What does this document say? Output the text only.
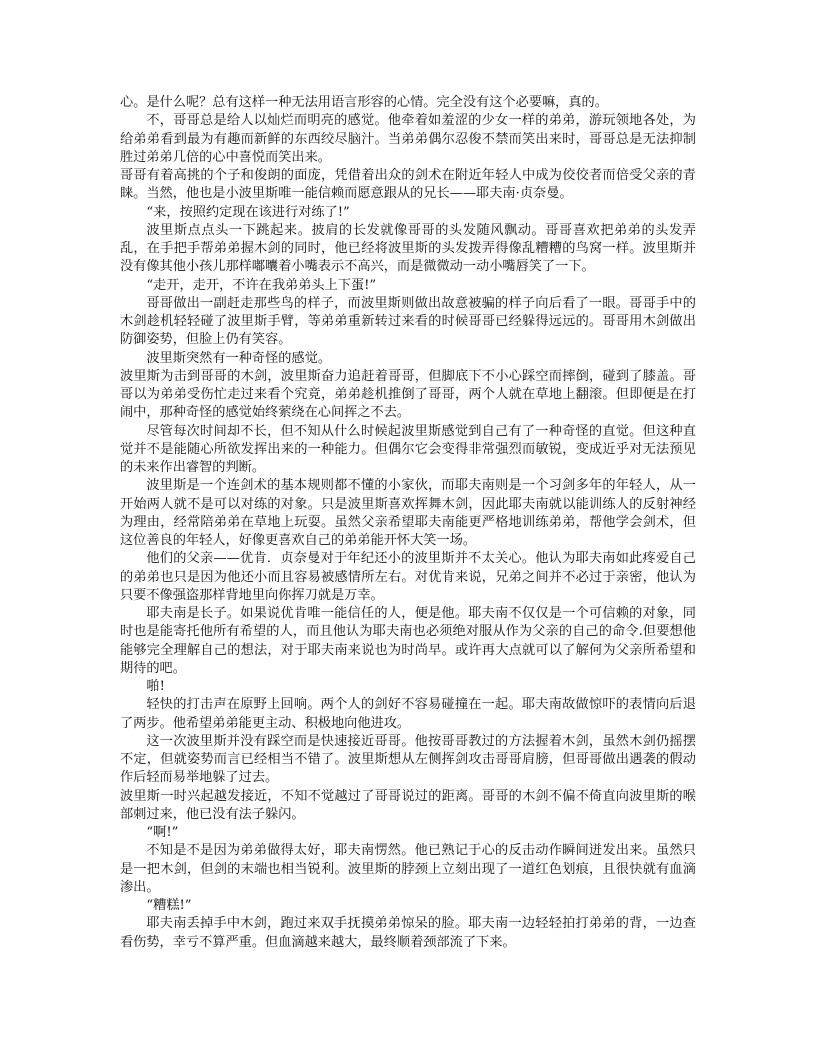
心。是什么呢？总有这样一种无法用语言形容的心情。完全没有这个必要嘛，真的。

不，哥哥总是给人以灿烂而明亮的感觉。他牵着如羞涩的少女一样的弟弟，游玩领地各处，为给弟弟看到最为有趣而新鲜的东西绞尽脑汁。当弟弟偶尔忍俊不禁而笑出来时，哥哥总是无法抑制胜过弟弟几倍的心中喜悦而笑出来。

哥哥有着高挑的个子和俊朗的面庞，凭借着出众的剑术在附近年轻人中成为佼佼者而倍受父亲的青睐。当然，他也是小波里斯唯一能信赖而愿意跟从的兄长——耶夫南·贞奈曼。

“来，按照约定现在该进行对练了!”

波里斯点点头一下跳起来。披肩的长发就像哥哥的头发随风飘动。哥哥喜欢把弟弟的头发弄乱，在手把手帮弟弟握木剑的同时，他已经将波里斯的头发拨弄得像乱糟糟的鸟窝一样。波里斯并没有像其他小孩儿那样嘟囔着小嘴表示不高兴，而是微微动一动小嘴唇笑了一下。

“走开，走开，不许在我弟弟头上下蛋!”

哥哥做出一副赶走那些鸟的样子，而波里斯则做出故意被骗的样子向后看了一眼。哥哥手中的木剑趁机轻轻碰了波里斯手臂，等弟弟重新转过来看的时候哥哥已经躲得远远的。哥哥用木剑做出防御姿势，但脸上仍有笑容。

波里斯突然有一种奇怪的感觉。

波里斯为击到哥哥的木剑，波里斯奋力追赶着哥哥，但脚底下不小心踩空而摔倒，碰到了膝盖。哥哥以为弟弟受伤忙走过来看个究竟，弟弟趁机推倒了哥哥，两个人就在草地上翻滚。但即便是在打闹中，那种奇怪的感觉始终萦绕在心间挥之不去。

尽管每次时间却不长，但不知从什么时候起波里斯感觉到自己有了一种奇怪的直觉。但这种直觉并不是能随心所欲发挥出来的一种能力。但偶尔它会变得非常强烈而敏锐，变成近乎对无法预见的未来作出睿智的判断。

波里斯是一个连剑术的基本规则都不懂的小家伙，而耶夫南则是一个习剑多年的年轻人，从一开始两人就不是可以对练的对象。只是波里斯喜欢挥舞木剑，因此耶夫南就以能训练人的反射神经为理由，经常陪弟弟在草地上玩耍。虽然父亲希望耶夫南能更严格地训练弟弟，帮他学会剑术，但这位善良的年轻人，好像更喜欢自己的弟弟能开怀大笑一场。

他们的父亲——优肯．贞奈曼对于年纪还小的波里斯并不太关心。他认为耶夫南如此疼爱自己的弟弟也只是因为他还小而且容易被感情所左右。对优肯来说，兄弟之间并不必过于亲密，他认为只要不像强盗那样背地里向你挥刀就是万幸。

耶夫南是长子。如果说优肯唯一能信任的人，便是他。耶夫南不仅仅是一个可信赖的对象，同时也是能寄托他所有希望的人，而且他认为耶夫南也必须绝对服从作为父亲的自己的命令.但要想他能够完全理解自己的想法，对于耶夫南来说也为时尚早。或许再大点就可以了解何为父亲所希望和期待的吧。

啪!

轻快的打击声在原野上回响。两个人的剑好不容易碰撞在一起。耶夫南故做惊吓的表情向后退了两步。他希望弟弟能更主动、积极地向他进攻。

这一次波里斯并没有踩空而是快速接近哥哥。他按哥哥教过的方法握着木剑，虽然木剑仍摇摆不定，但就姿势而言已经相当不错了。波里斯想从左侧挥剑攻击哥哥肩膀，但哥哥做出遇袭的假动作后轻而易举地躲了过去。

波里斯一时兴起越发接近，不知不觉越过了哥哥说过的距离。哥哥的木剑不偏不倚直向波里斯的喉部刺过来，他已没有法子躲闪。

“啊!”

不知是不是因为弟弟做得太好，耶夫南愣然。他已熟记于心的反击动作瞬间迸发出来。虽然只是一把木剑，但剑的末端也相当锐利。波里斯的脖颈上立刻出现了一道红色划痕，且很快就有血滴渗出。

“糟糕!”

耶夫南丢掉手中木剑，跑过来双手抚摸弟弟惊呆的脸。耶夫南一边轻轻拍打弟弟的背，一边查看伤势，幸亏不算严重。但血滴越来越大，最终顺着颈部流了下来。
